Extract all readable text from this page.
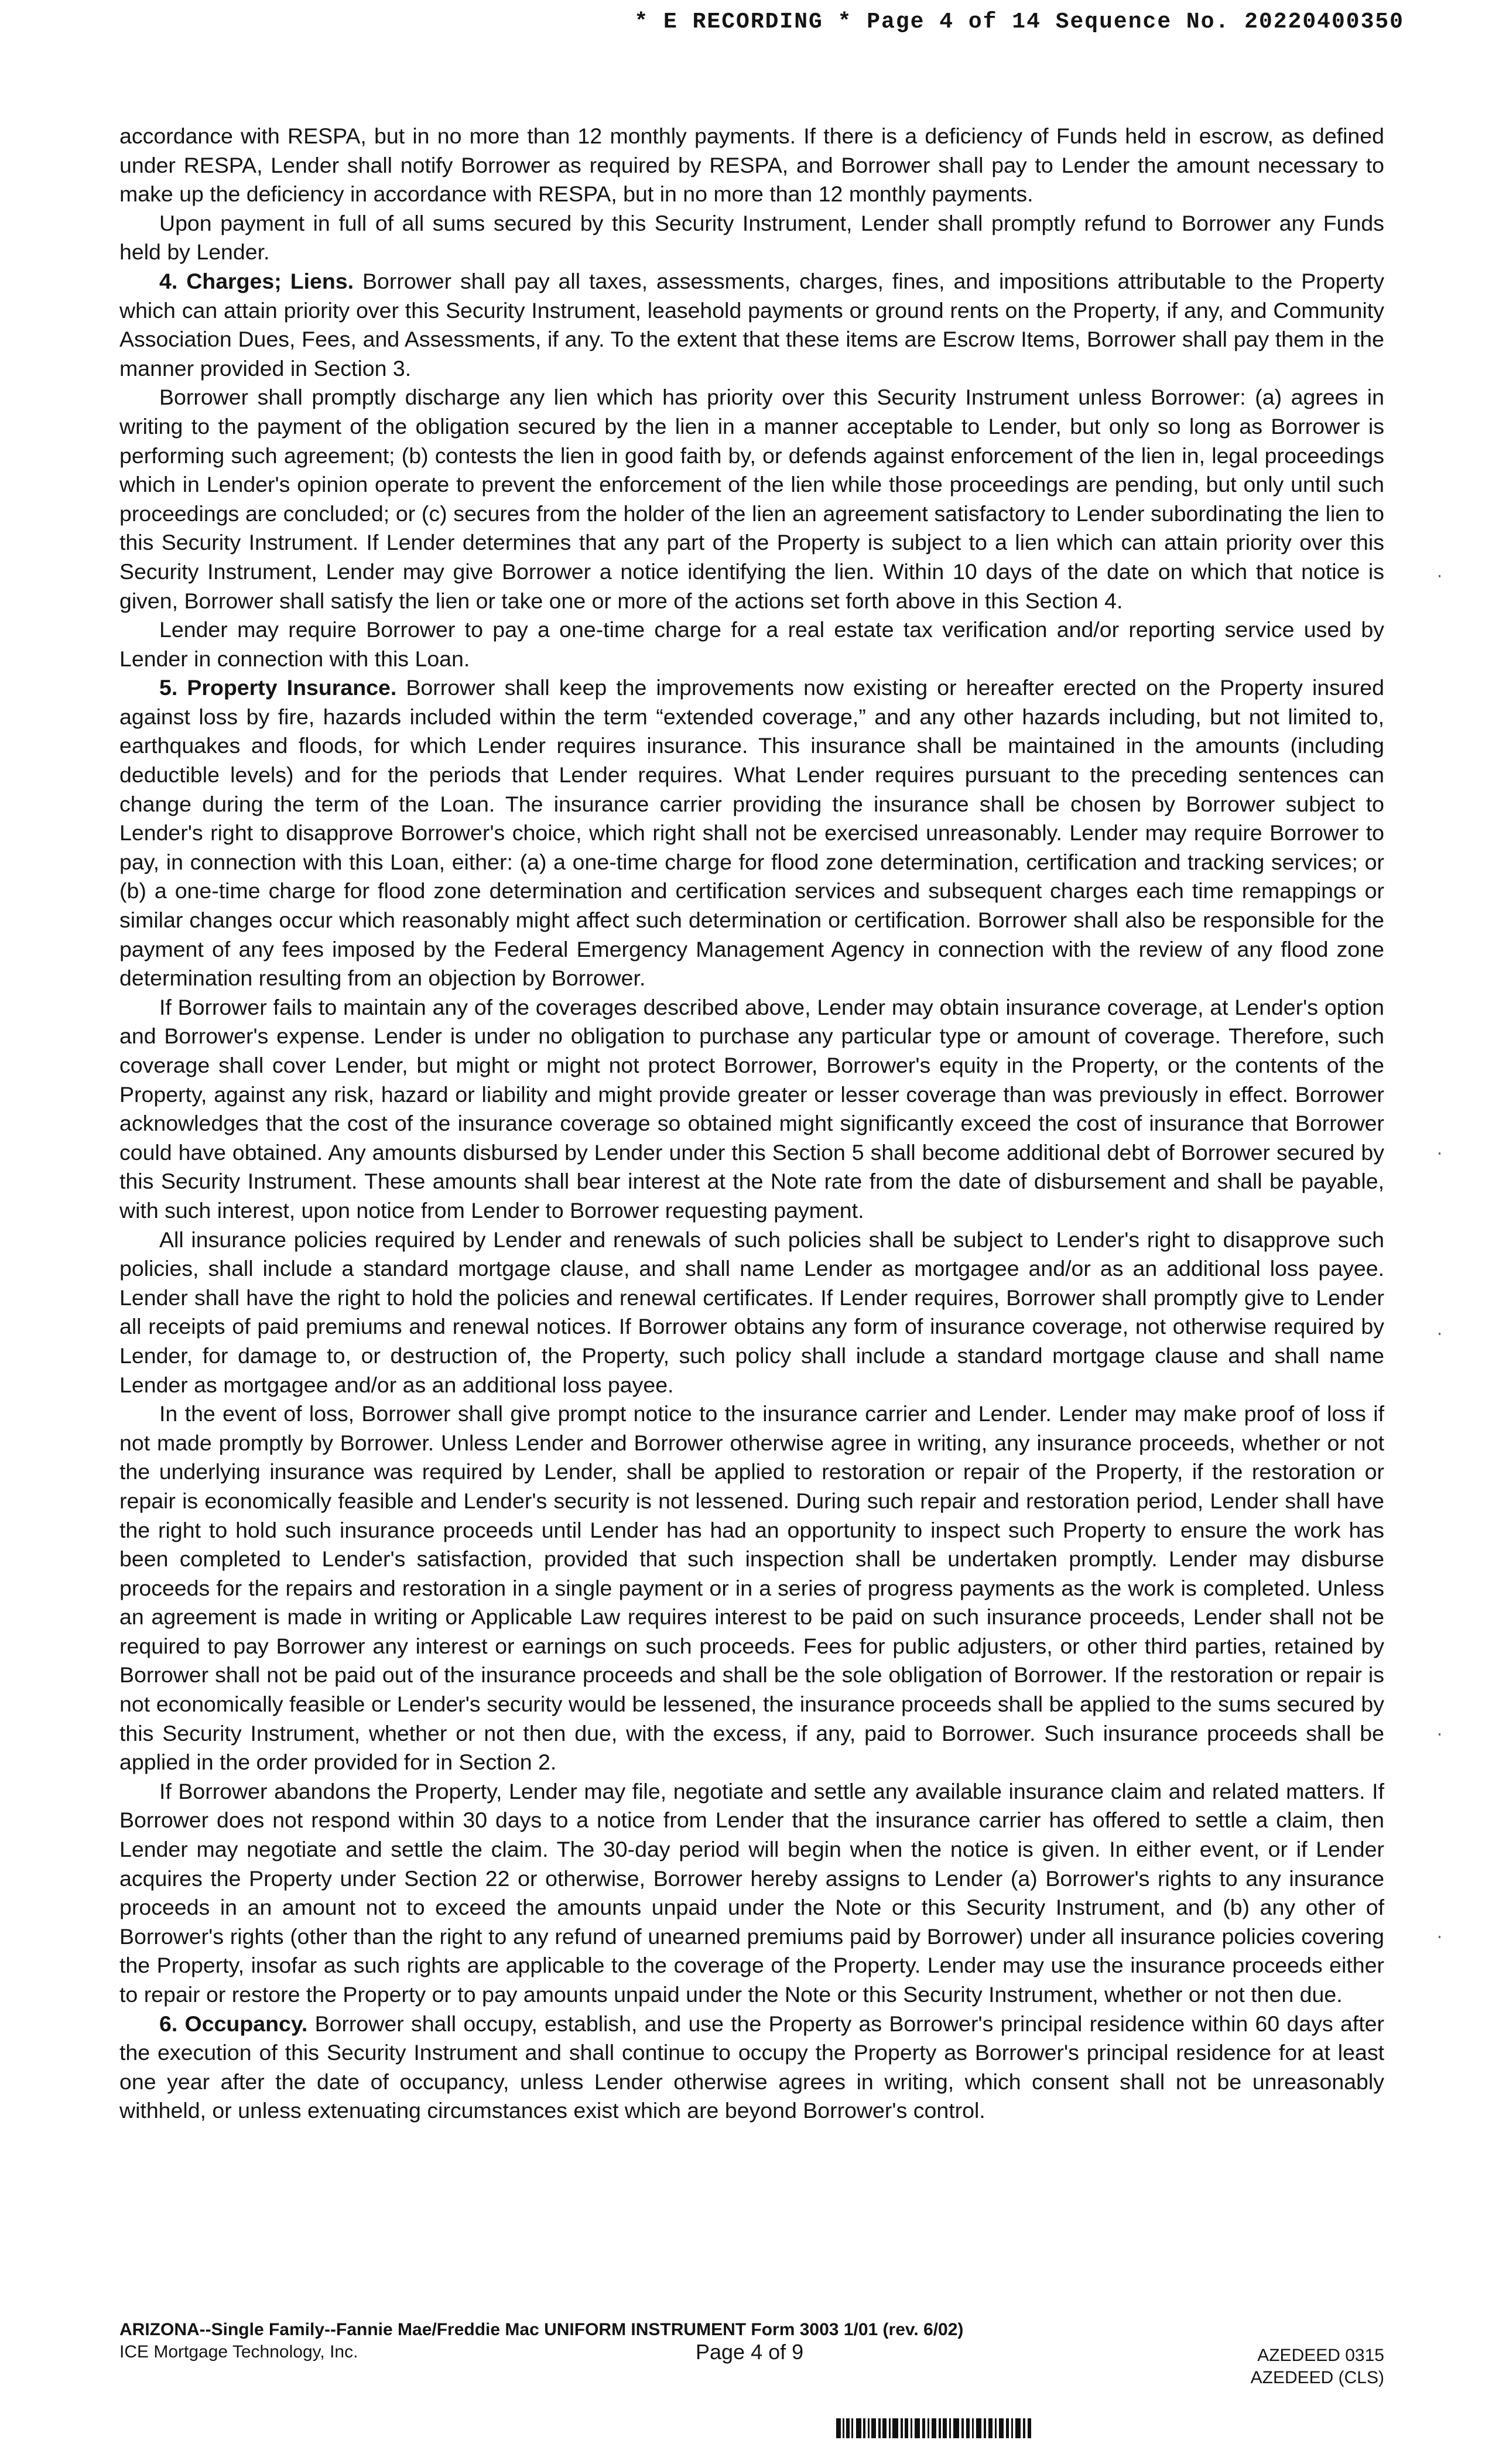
* E RECORDING * Page 4 of 14 Sequence No. 20220400350

accordance with RESPA, but in no more than 12 monthly payments. If there is a deficiency of Funds held in escrow, as defined under RESPA, Lender shall notify Borrower as required by RESPA, and Borrower shall pay to Lender the amount necessary to make up the deficiency in accordance with RESPA, but in no more than 12 monthly payments.

Upon payment in full of all sums secured by this Security Instrument, Lender shall promptly refund to Borrower any Funds held by Lender.

4. Charges; Liens. Borrower shall pay all taxes, assessments, charges, fines, and impositions attributable to the Property which can attain priority over this Security Instrument, leasehold payments or ground rents on the Property, if any, and Community Association Dues, Fees, and Assessments, if any. To the extent that these items are Escrow Items, Borrower shall pay them in the manner provided in Section 3.

Borrower shall promptly discharge any lien which has priority over this Security Instrument unless Borrower: (a) agrees in writing to the payment of the obligation secured by the lien in a manner acceptable to Lender, but only so long as Borrower is performing such agreement; (b) contests the lien in good faith by, or defends against enforcement of the lien in, legal proceedings which in Lender's opinion operate to prevent the enforcement of the lien while those proceedings are pending, but only until such proceedings are concluded; or (c) secures from the holder of the lien an agreement satisfactory to Lender subordinating the lien to this Security Instrument. If Lender determines that any part of the Property is subject to a lien which can attain priority over this Security Instrument, Lender may give Borrower a notice identifying the lien. Within 10 days of the date on which that notice is given, Borrower shall satisfy the lien or take one or more of the actions set forth above in this Section 4.

Lender may require Borrower to pay a one-time charge for a real estate tax verification and/or reporting service used by Lender in connection with this Loan.

5. Property Insurance. Borrower shall keep the improvements now existing or hereafter erected on the Property insured against loss by fire, hazards included within the term “extended coverage,” and any other hazards including, but not limited to, earthquakes and floods, for which Lender requires insurance. This insurance shall be maintained in the amounts (including deductible levels) and for the periods that Lender requires. What Lender requires pursuant to the preceding sentences can change during the term of the Loan. The insurance carrier providing the insurance shall be chosen by Borrower subject to Lender's right to disapprove Borrower's choice, which right shall not be exercised unreasonably. Lender may require Borrower to pay, in connection with this Loan, either: (a) a one-time charge for flood zone determination, certification and tracking services; or (b) a one-time charge for flood zone determination and certification services and subsequent charges each time remappings or similar changes occur which reasonably might affect such determination or certification. Borrower shall also be responsible for the payment of any fees imposed by the Federal Emergency Management Agency in connection with the review of any flood zone determination resulting from an objection by Borrower.

If Borrower fails to maintain any of the coverages described above, Lender may obtain insurance coverage, at Lender's option and Borrower's expense. Lender is under no obligation to purchase any particular type or amount of coverage. Therefore, such coverage shall cover Lender, but might or might not protect Borrower, Borrower's equity in the Property, or the contents of the Property, against any risk, hazard or liability and might provide greater or lesser coverage than was previously in effect. Borrower acknowledges that the cost of the insurance coverage so obtained might significantly exceed the cost of insurance that Borrower could have obtained. Any amounts disbursed by Lender under this Section 5 shall become additional debt of Borrower secured by this Security Instrument. These amounts shall bear interest at the Note rate from the date of disbursement and shall be payable, with such interest, upon notice from Lender to Borrower requesting payment.

All insurance policies required by Lender and renewals of such policies shall be subject to Lender's right to disapprove such policies, shall include a standard mortgage clause, and shall name Lender as mortgagee and/or as an additional loss payee. Lender shall have the right to hold the policies and renewal certificates. If Lender requires, Borrower shall promptly give to Lender all receipts of paid premiums and renewal notices. If Borrower obtains any form of insurance coverage, not otherwise required by Lender, for damage to, or destruction of, the Property, such policy shall include a standard mortgage clause and shall name Lender as mortgagee and/or as an additional loss payee.

In the event of loss, Borrower shall give prompt notice to the insurance carrier and Lender. Lender may make proof of loss if not made promptly by Borrower. Unless Lender and Borrower otherwise agree in writing, any insurance proceeds, whether or not the underlying insurance was required by Lender, shall be applied to restoration or repair of the Property, if the restoration or repair is economically feasible and Lender's security is not lessened. During such repair and restoration period, Lender shall have the right to hold such insurance proceeds until Lender has had an opportunity to inspect such Property to ensure the work has been completed to Lender's satisfaction, provided that such inspection shall be undertaken promptly. Lender may disburse proceeds for the repairs and restoration in a single payment or in a series of progress payments as the work is completed. Unless an agreement is made in writing or Applicable Law requires interest to be paid on such insurance proceeds, Lender shall not be required to pay Borrower any interest or earnings on such proceeds. Fees for public adjusters, or other third parties, retained by Borrower shall not be paid out of the insurance proceeds and shall be the sole obligation of Borrower. If the restoration or repair is not economically feasible or Lender's security would be lessened, the insurance proceeds shall be applied to the sums secured by this Security Instrument, whether or not then due, with the excess, if any, paid to Borrower. Such insurance proceeds shall be applied in the order provided for in Section 2.

If Borrower abandons the Property, Lender may file, negotiate and settle any available insurance claim and related matters. If Borrower does not respond within 30 days to a notice from Lender that the insurance carrier has offered to settle a claim, then Lender may negotiate and settle the claim. The 30-day period will begin when the notice is given. In either event, or if Lender acquires the Property under Section 22 or otherwise, Borrower hereby assigns to Lender (a) Borrower's rights to any insurance proceeds in an amount not to exceed the amounts unpaid under the Note or this Security Instrument, and (b) any other of Borrower's rights (other than the right to any refund of unearned premiums paid by Borrower) under all insurance policies covering the Property, insofar as such rights are applicable to the coverage of the Property. Lender may use the insurance proceeds either to repair or restore the Property or to pay amounts unpaid under the Note or this Security Instrument, whether or not then due.

6. Occupancy. Borrower shall occupy, establish, and use the Property as Borrower's principal residence within 60 days after the execution of this Security Instrument and shall continue to occupy the Property as Borrower's principal residence for at least one year after the date of occupancy, unless Lender otherwise agrees in writing, which consent shall not be unreasonably withheld, or unless extenuating circumstances exist which are beyond Borrower's control.

ARIZONA--Single Family--Fannie Mae/Freddie Mac UNIFORM INSTRUMENT Form 3003 1/01 (rev. 6/02)
ICE Mortgage Technology, Inc.	Page 4 of 9	AZEDEED 0315
AZEDEED (CLS)
